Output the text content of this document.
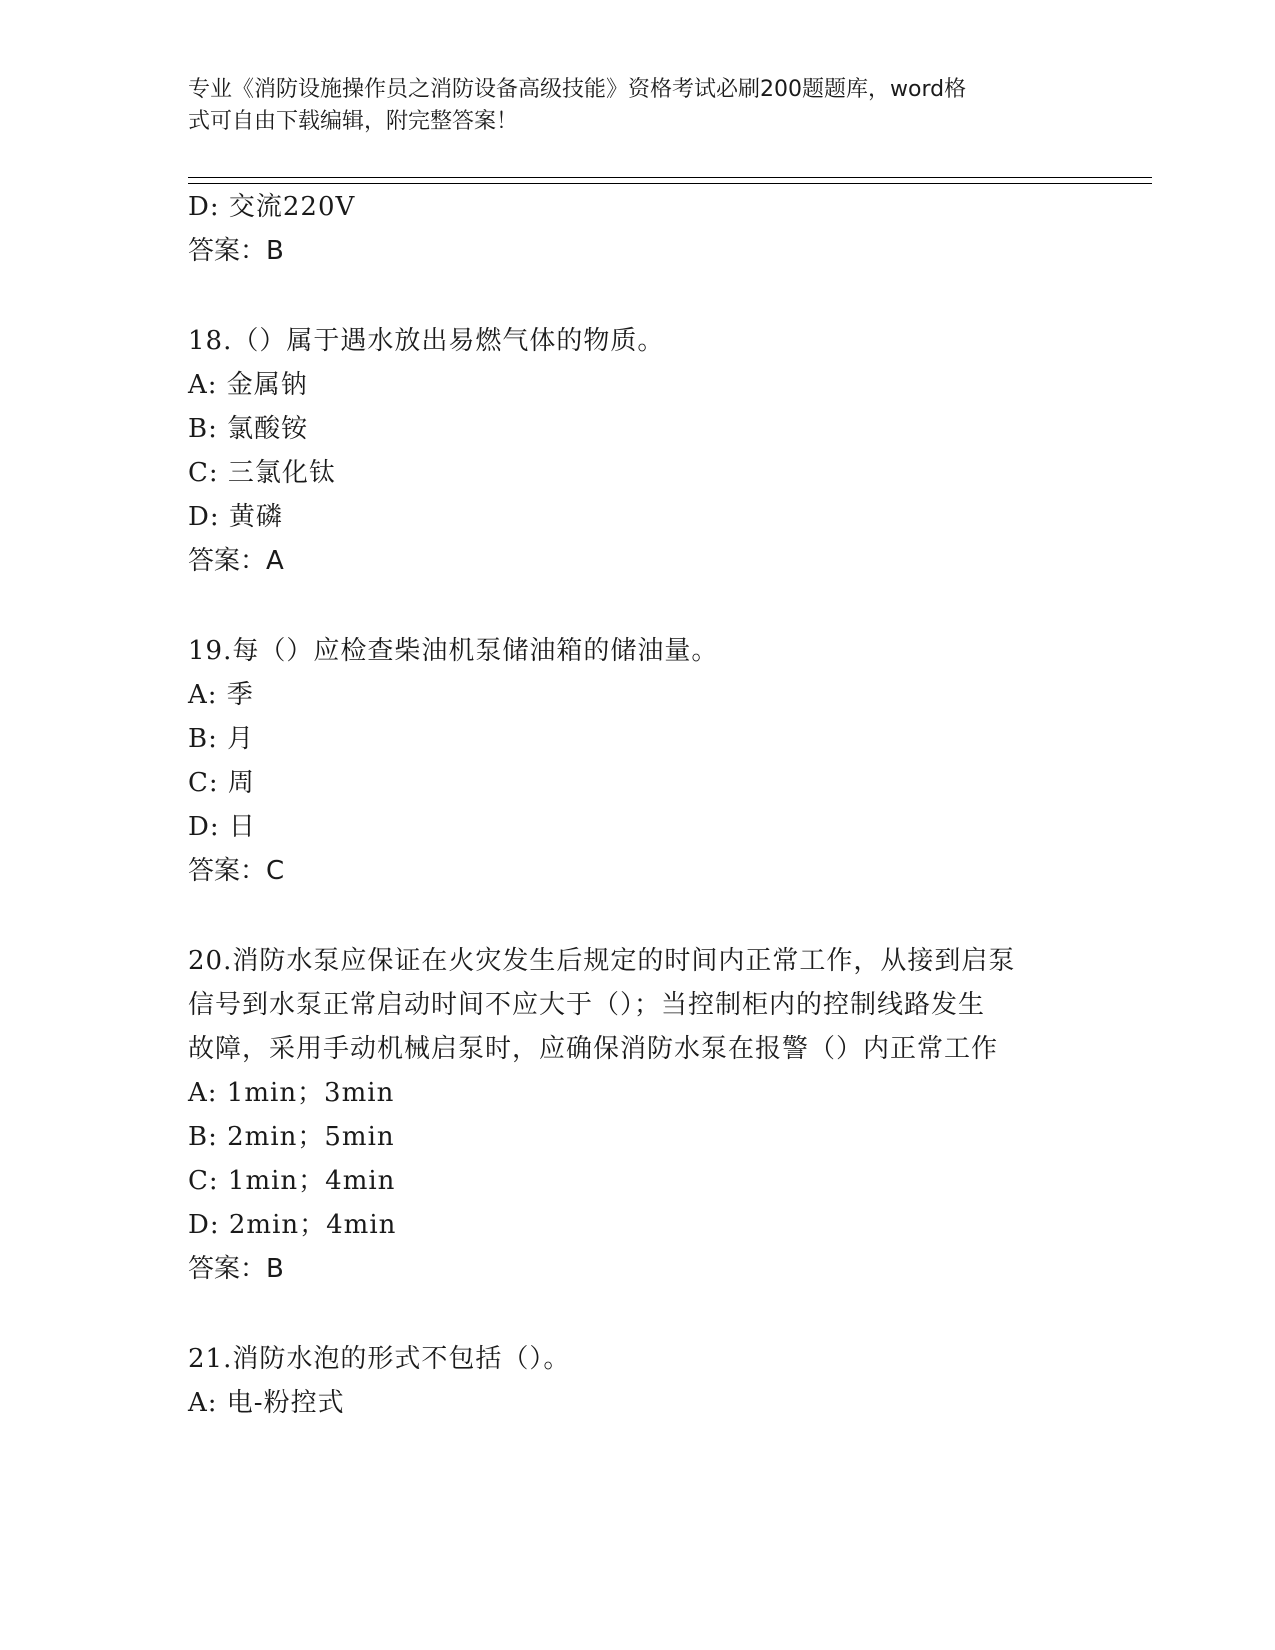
专业《消防设施操作员之消防设备高级技能》资格考试必刷200题题库，word格
式可自由下载编辑，附完整答案！
D: 交流220V
答案：B
18.（）属于遇水放出易燃气体的物质。
A: 金属钠
B: 氯酸铵
C: 三氯化钛
D: 黄磷
答案：A
19.每（）应检查柴油机泵储油箱的储油量。
A: 季
B: 月
C: 周
D: 日
答案：C
20.消防水泵应保证在火灾发生后规定的时间内正常工作，从接到启泵
信号到水泵正常启动时间不应大于（）；当控制柜内的控制线路发生
故障，采用手动机械启泵时，应确保消防水泵在报警（）内正常工作
A: 1min；3min
B: 2min；5min
C: 1min；4min
D: 2min；4min
答案：B
21.消防水泡的形式不包括（）。
A: 电-粉控式
